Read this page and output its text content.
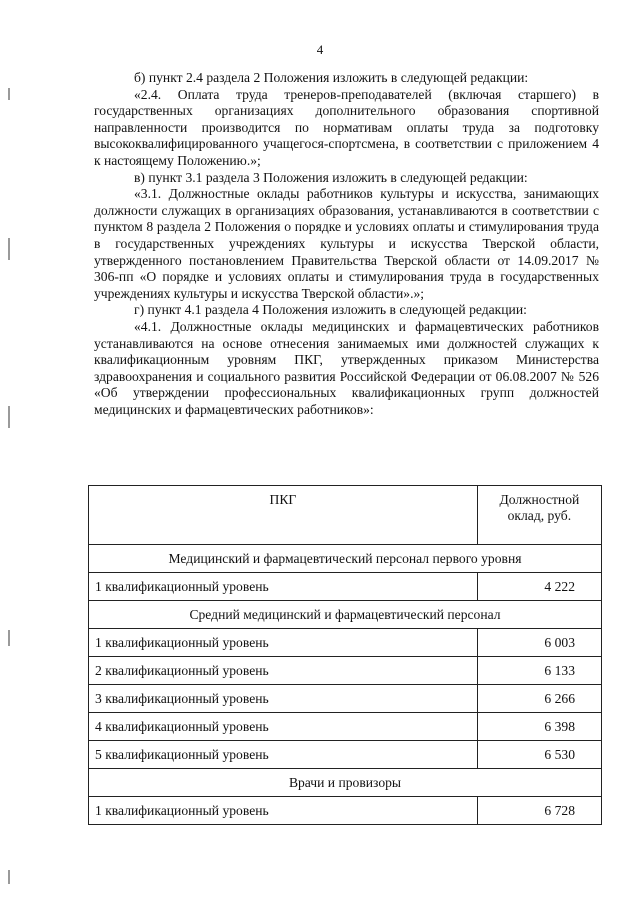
4

б) пункт 2.4 раздела 2 Положения изложить в следующей редакции:

«2.4. Оплата труда тренеров-преподавателей (включая старшего) в государственных организациях дополнительного образования спортивной направленности производится по нормативам оплаты труда за подготовку высококвалифицированного учащегося-спортсмена, в соответствии с приложением 4 к настоящему Положению.»;

в) пункт 3.1 раздела 3 Положения изложить в следующей редакции:

«3.1. Должностные оклады работников культуры и искусства, занимающих должности служащих в организациях образования, устанавливаются в соответствии с пунктом 8 раздела 2 Положения о порядке и условиях оплаты и стимулирования труда в государственных учреждениях культуры и искусства Тверской области, утвержденного постановлением Правительства Тверской области от 14.09.2017 № 306-пп «О порядке и условиях оплаты и стимулирования труда в государственных учреждениях культуры и искусства Тверской области».»;

г) пункт 4.1 раздела 4 Положения изложить в следующей редакции:

«4.1. Должностные оклады медицинских и фармацевтических работников устанавливаются на основе отнесения занимаемых ими должностей служащих к квалификационным уровням ПКГ, утвержденных приказом Министерства здравоохранения и социального развития Российской Федерации от 06.08.2007 № 526 «Об утверждении профессиональных квалификационных групп должностей медицинских и фармацевтических работников»:

ПКГ	Должностной оклад, руб.
Медицинский и фармацевтический персонал первого уровня	
1 квалификационный уровень	4 222
Средний медицинский и фармацевтический персонал	
1 квалификационный уровень	6 003
2 квалификационный уровень	6 133
3 квалификационный уровень	6 266
4 квалификационный уровень	6 398
5 квалификационный уровень	6 530
Врачи и провизоры	
1 квалификационный уровень	6 728
